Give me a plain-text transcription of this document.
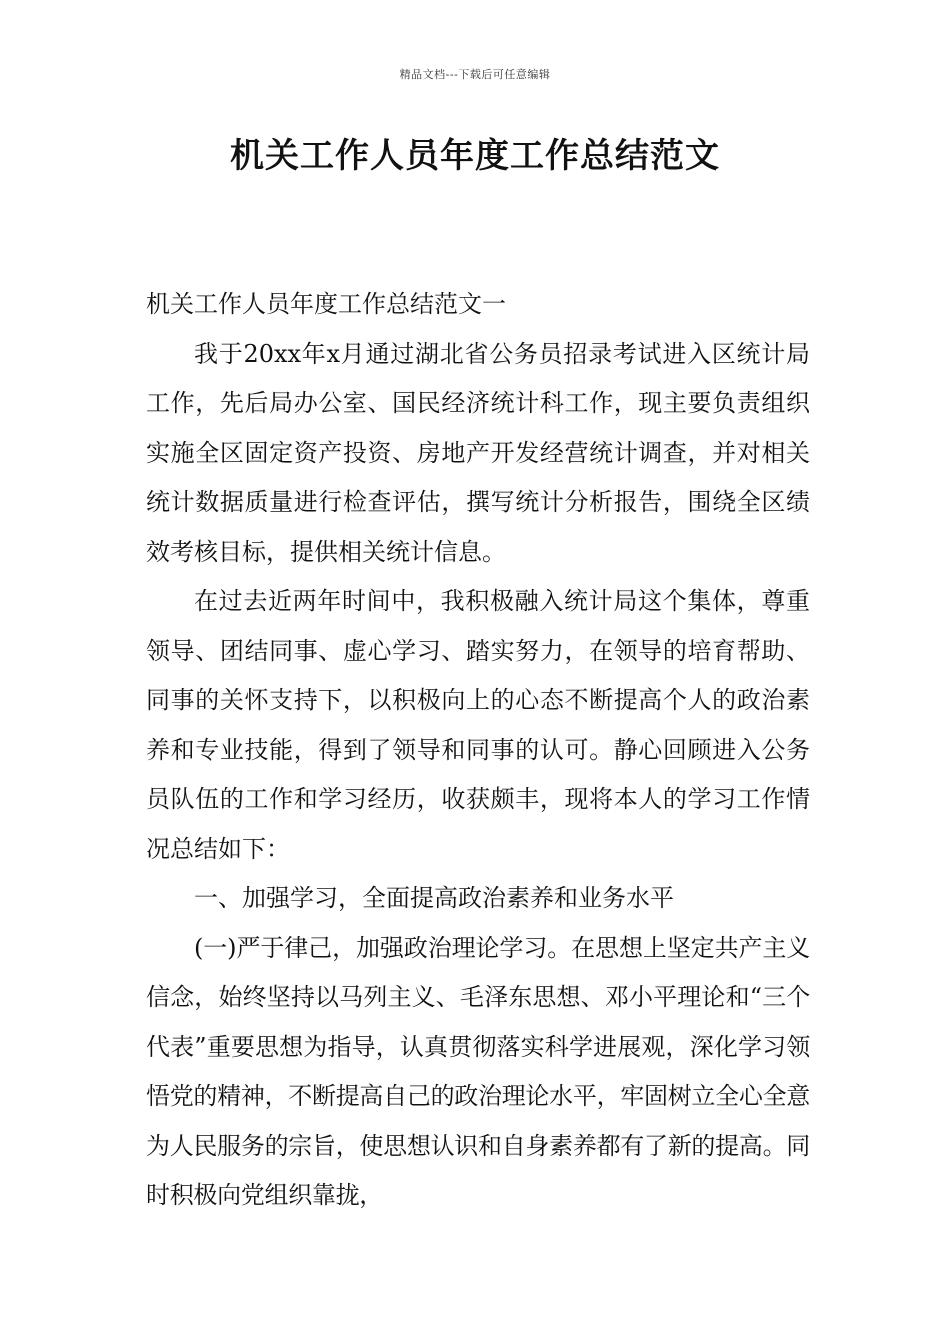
精品文档---下载后可任意编辑
机关工作人员年度工作总结范文

机关工作人员年度工作总结范文一

我于20xx年x月通过湖北省公务员招录考试进入区统计局工作，先后局办公室、国民经济统计科工作，现主要负责组织实施全区固定资产投资、房地产开发经营统计调查，并对相关统计数据质量进行检查评估，撰写统计分析报告，围绕全区绩效考核目标，提供相关统计信息。

在过去近两年时间中，我积极融入统计局这个集体，尊重领导、团结同事、虚心学习、踏实努力，在领导的培育帮助、同事的关怀支持下，以积极向上的心态不断提高个人的政治素养和专业技能，得到了领导和同事的认可。静心回顾进入公务员队伍的工作和学习经历，收获颇丰，现将本人的学习工作情况总结如下：

一、加强学习，全面提高政治素养和业务水平

(一)严于律己，加强政治理论学习。在思想上坚定共产主义信念，始终坚持以马列主义、毛泽东思想、邓小平理论和“三个代表”重要思想为指导，认真贯彻落实科学进展观，深化学习领悟党的精神，不断提高自己的政治理论水平，牢固树立全心全意为人民服务的宗旨，使思想认识和自身素养都有了新的提高。同时积极向党组织靠拢，
